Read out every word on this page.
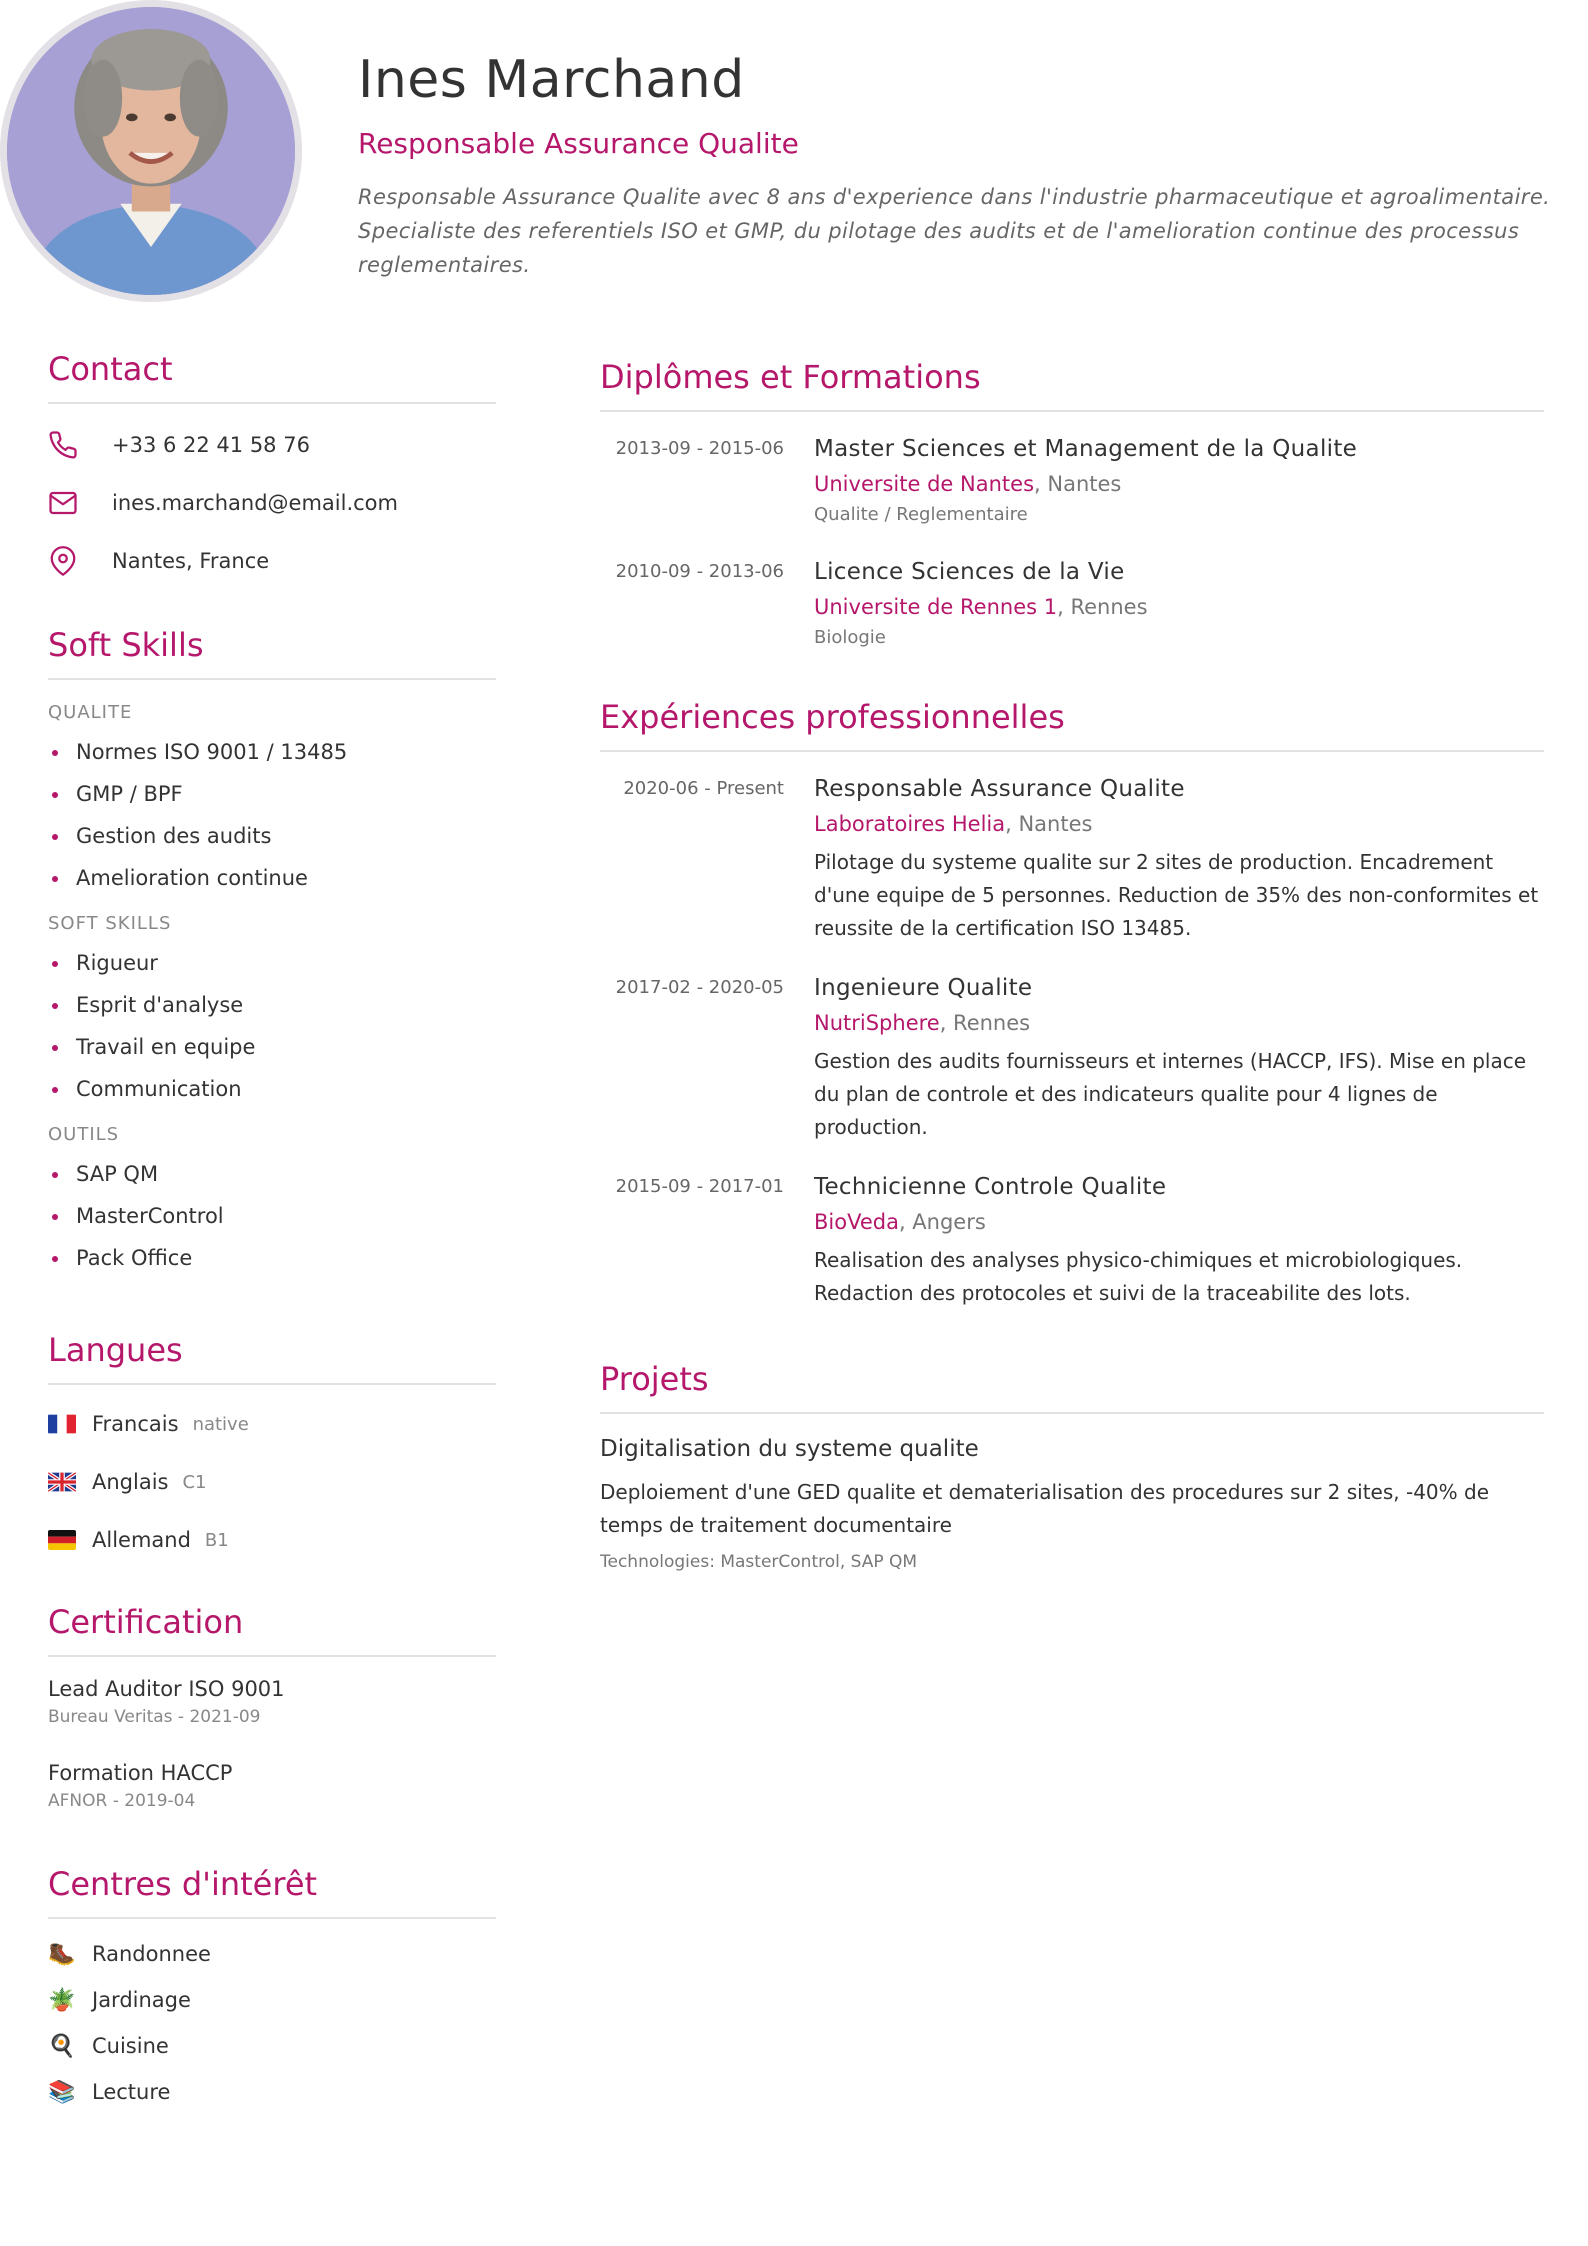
Ines Marchand
Responsable Assurance Qualite
Responsable Assurance Qualite avec 8 ans d'experience dans l'industrie pharmaceutique et agroalimentaire. Specialiste des referentiels ISO et GMP, du pilotage des audits et de l'amelioration continue des processus reglementaires.
Contact
+33 6 22 41 58 76
ines.marchand@email.com
Nantes, France
Soft Skills
QUALITE
Normes ISO 9001 / 13485
GMP / BPF
Gestion des audits
Amelioration continue
SOFT SKILLS
Rigueur
Esprit d'analyse
Travail en equipe
Communication
OUTILS
SAP QM
MasterControl
Pack Office
Langues
Francais native
Anglais C1
Allemand B1
Certification
Lead Auditor ISO 9001
Bureau Veritas - 2021-09
Formation HACCP
AFNOR - 2019-04
Centres d'intérêt
🥾 Randonnee
🪴 Jardinage
🍳 Cuisine
📚 Lecture
Diplômes et Formations
2013-09 - 2015-06	Master Sciences et Management de la Qualite
Universite de Nantes, Nantes
Qualite / Reglementaire
2010-09 - 2013-06	Licence Sciences de la Vie
Universite de Rennes 1, Rennes
Biologie
Expériences professionnelles
2020-06 - Present	Responsable Assurance Qualite
Laboratoires Helia, Nantes
Pilotage du systeme qualite sur 2 sites de production. Encadrement d'une equipe de 5 personnes. Reduction de 35% des non-conformites et reussite de la certification ISO 13485.
2017-02 - 2020-05	Ingenieure Qualite
NutriSphere, Rennes
Gestion des audits fournisseurs et internes (HACCP, IFS). Mise en place du plan de controle et des indicateurs qualite pour 4 lignes de production.
2015-09 - 2017-01	Technicienne Controle Qualite
BioVeda, Angers
Realisation des analyses physico-chimiques et microbiologiques. Redaction des protocoles et suivi de la traceabilite des lots.
Projets
Digitalisation du systeme qualite
Deploiement d'une GED qualite et dematerialisation des procedures sur 2 sites, -40% de temps de traitement documentaire
Technologies: MasterControl, SAP QM
